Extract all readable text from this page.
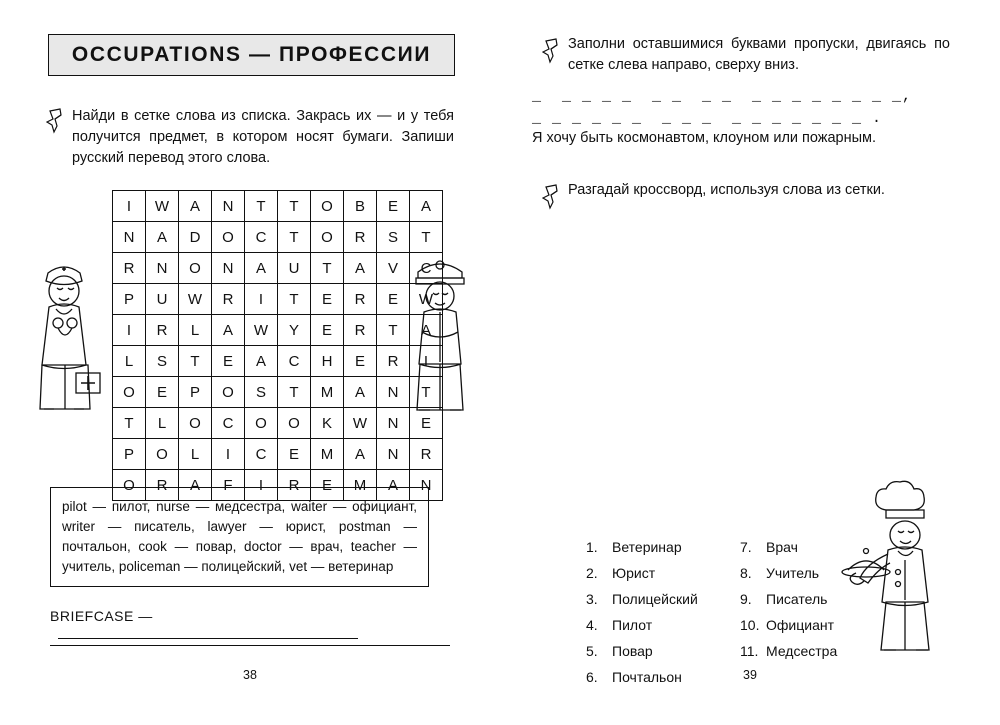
OCCUPATIONS — ПРОФЕССИИ
Найди в сетке слова из списка. Закрась их — и у тебя получится предмет, в котором носят бумаги. Запиши русский перевод этого слова.
I	W	A	N	T	T	O	B	E	A
N	A	D	O	C	T	O	R	S	T
R	N	O	N	A	U	T	A	V	C
P	U	W	R	I	T	E	R	E	W
I	R	L	A	W	Y	E	R	T	A
L	S	T	E	A	C	H	E	R	I
O	E	P	O	S	T	M	A	N	T
T	L	O	C	O	O	K	W	N	E
P	O	L	I	C	E	M	A	N	R
O	R	A	F	I	R	E	M	A	N
pilot — пилот, nurse — медсестра, waiter — официант, writer — писатель, lawyer — юрист, postman — почтальон, cook — повар, doctor — врач, teacher — учитель, policeman — полицейский, vet — ветеринар
BRIEFCASE —
38
Заполни оставшимися буквами пропуски, двигаясь по сетке слева направо, сверху вниз.
_  _ _ _ _  _ _  _ _  _ _ _ _ _ _ _ _,
_ _ _ _ _ _  _ _ _  _ _ _ _ _ _ _ .
Я хочу быть космонавтом, клоуном или пожарным.
Разгадай кроссворд, используя слова из сетки.
1. Ветеринар
2. Юрист
3. Полицейский
4. Пилот
5. Повар
6. Почтальон
7. Врач
8. Учитель
9. Писатель
10. Официант
11. Медсестра
39
